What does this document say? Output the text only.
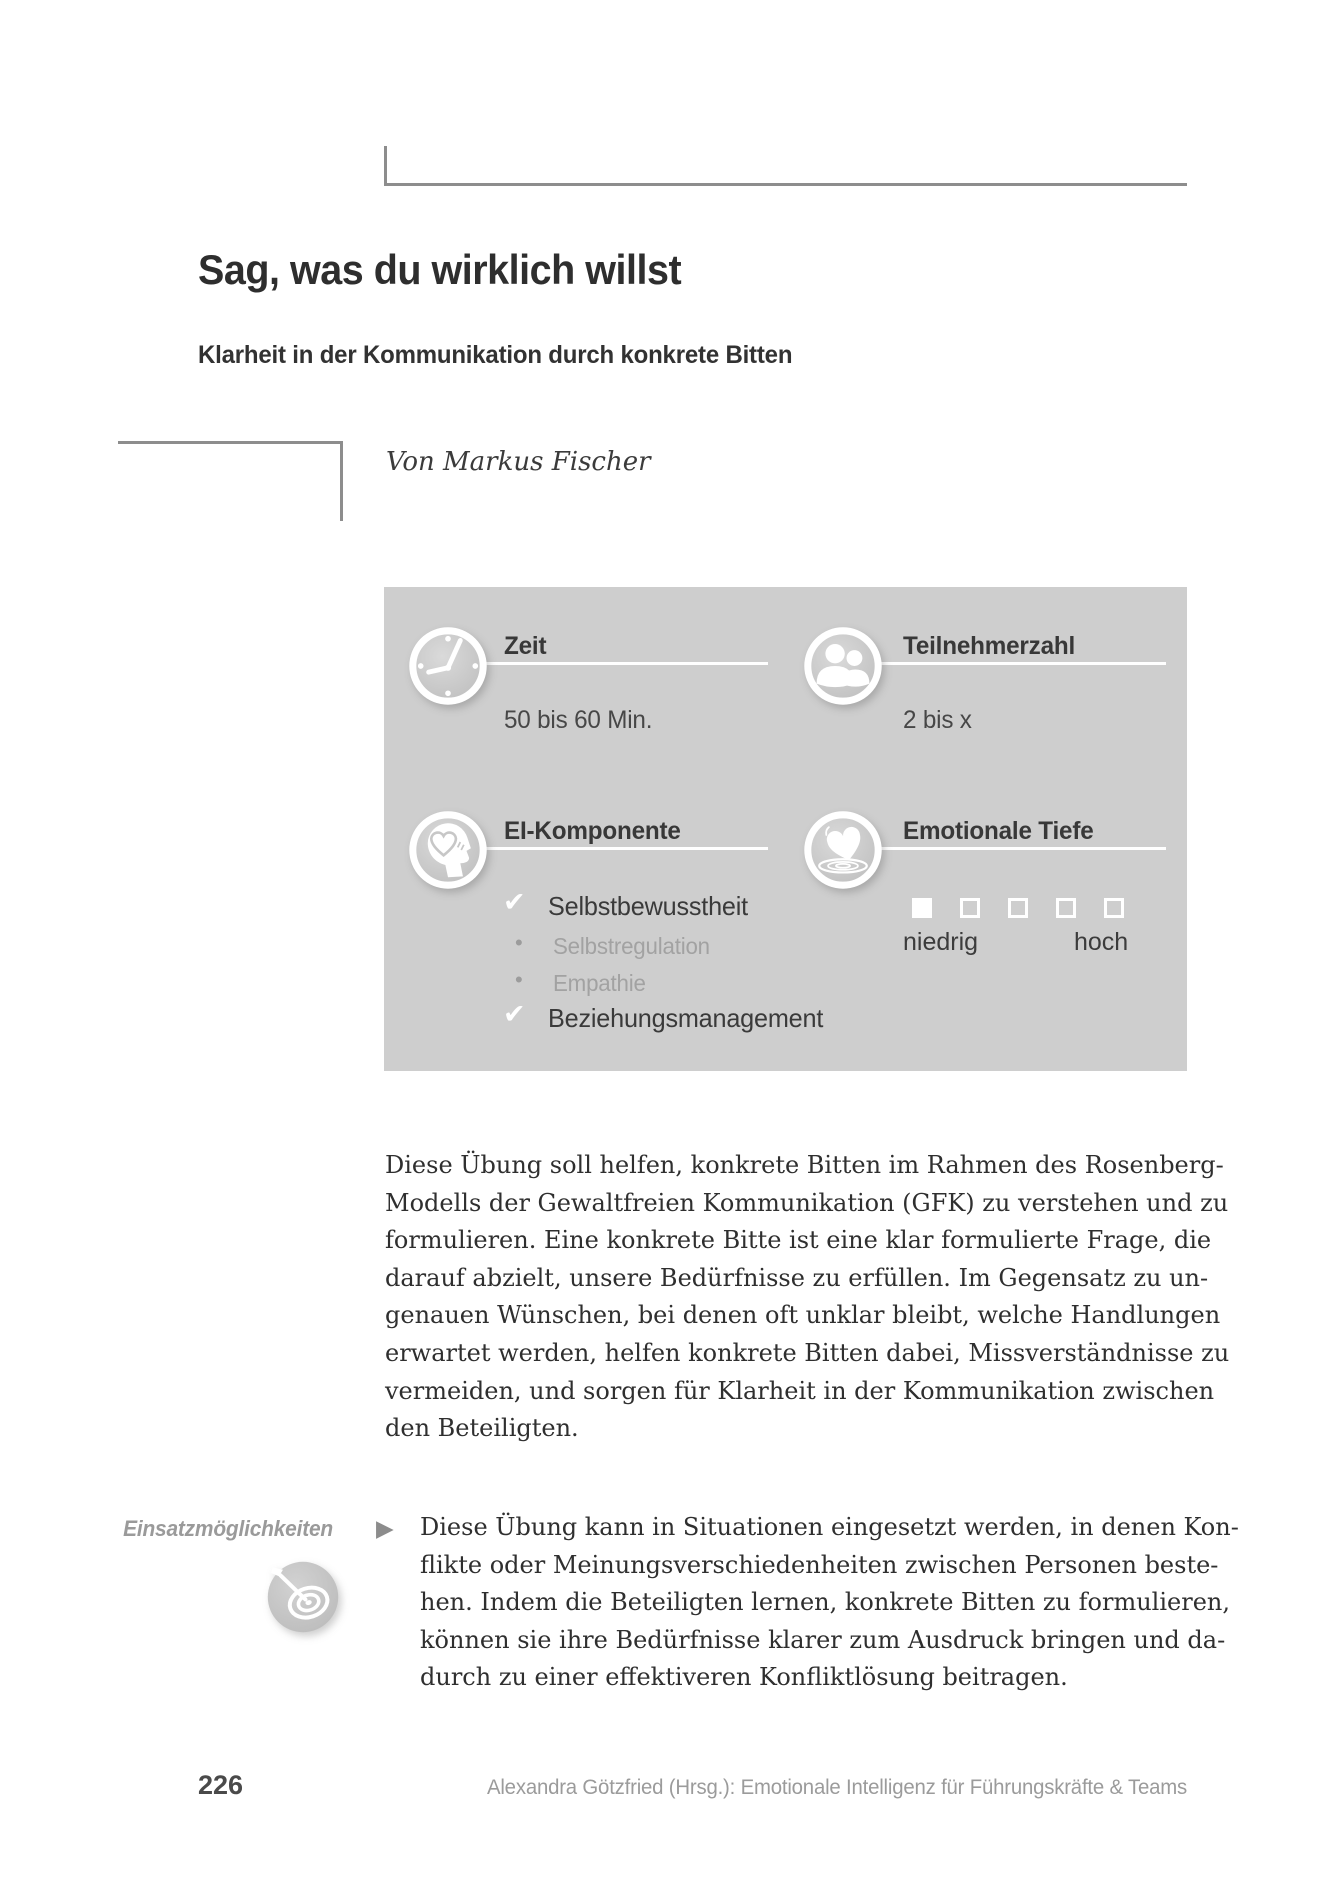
Sag, was du wirklich willst
Klarheit in der Kommunikation durch konkrete Bitten
Von Markus Fischer
Zeit
50 bis 60 Min.
Teilnehmerzahl
2 bis x
EI-Komponente
✔ Selbstbewusstheit
• Selbstregulation
• Empathie
✔ Beziehungsmanagement
Emotionale Tiefe
niedrig	hoch
Diese Übung soll helfen, konkrete Bitten im Rahmen des Rosenberg-
Modells der Gewaltfreien Kommunikation (GFK) zu verstehen und zu
formulieren. Eine konkrete Bitte ist eine klar formulierte Frage, die
darauf abzielt, unsere Bedürfnisse zu erfüllen. Im Gegensatz zu un-
genauen Wünschen, bei denen oft unklar bleibt, welche Handlungen
erwartet werden, helfen konkrete Bitten dabei, Missverständnisse zu
vermeiden, und sorgen für Klarheit in der Kommunikation zwischen
den Beteiligten.
Einsatzmöglichkeiten ▶ Diese Übung kann in Situationen eingesetzt werden, in denen Kon-
flikte oder Meinungsverschiedenheiten zwischen Personen beste-
hen. Indem die Beteiligten lernen, konkrete Bitten zu formulieren,
können sie ihre Bedürfnisse klarer zum Ausdruck bringen und da-
durch zu einer effektiveren Konfliktlösung beitragen.
226	Alexandra Götzfried (Hrsg.): Emotionale Intelligenz für Führungskräfte & Teams
